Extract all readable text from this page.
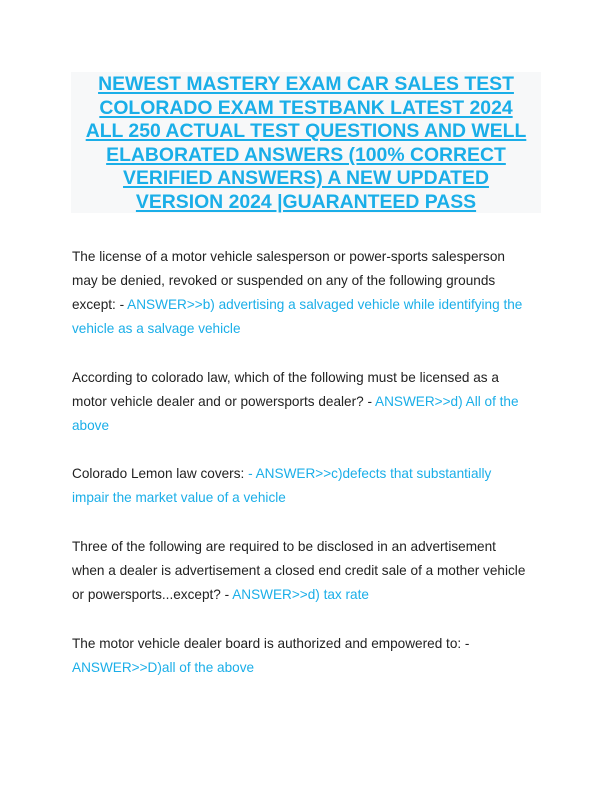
NEWEST MASTERY EXAM CAR SALES TEST
COLORADO EXAM TESTBANK LATEST 2024
ALL 250 ACTUAL TEST QUESTIONS AND WELL
ELABORATED ANSWERS (100% CORRECT
VERIFIED ANSWERS) A NEW UPDATED
VERSION 2024 |GUARANTEED PASS
The license of a motor vehicle salesperson or power-sports salesperson
may be denied, revoked or suspended on any of the following grounds
except: - ANSWER>>b) advertising a salvaged vehicle while identifying the
vehicle as a salvage vehicle
According to colorado law, which of the following must be licensed as a
motor vehicle dealer and or powersports dealer? - ANSWER>>d) All of the
above
Colorado Lemon law covers: - ANSWER>>c)defects that substantially
impair the market value of a vehicle
Three of the following are required to be disclosed in an advertisement
when a dealer is advertisement a closed end credit sale of a mother vehicle
or powersports...except? - ANSWER>>d) tax rate
The motor vehicle dealer board is authorized and empowered to: -
ANSWER>>D)all of the above
